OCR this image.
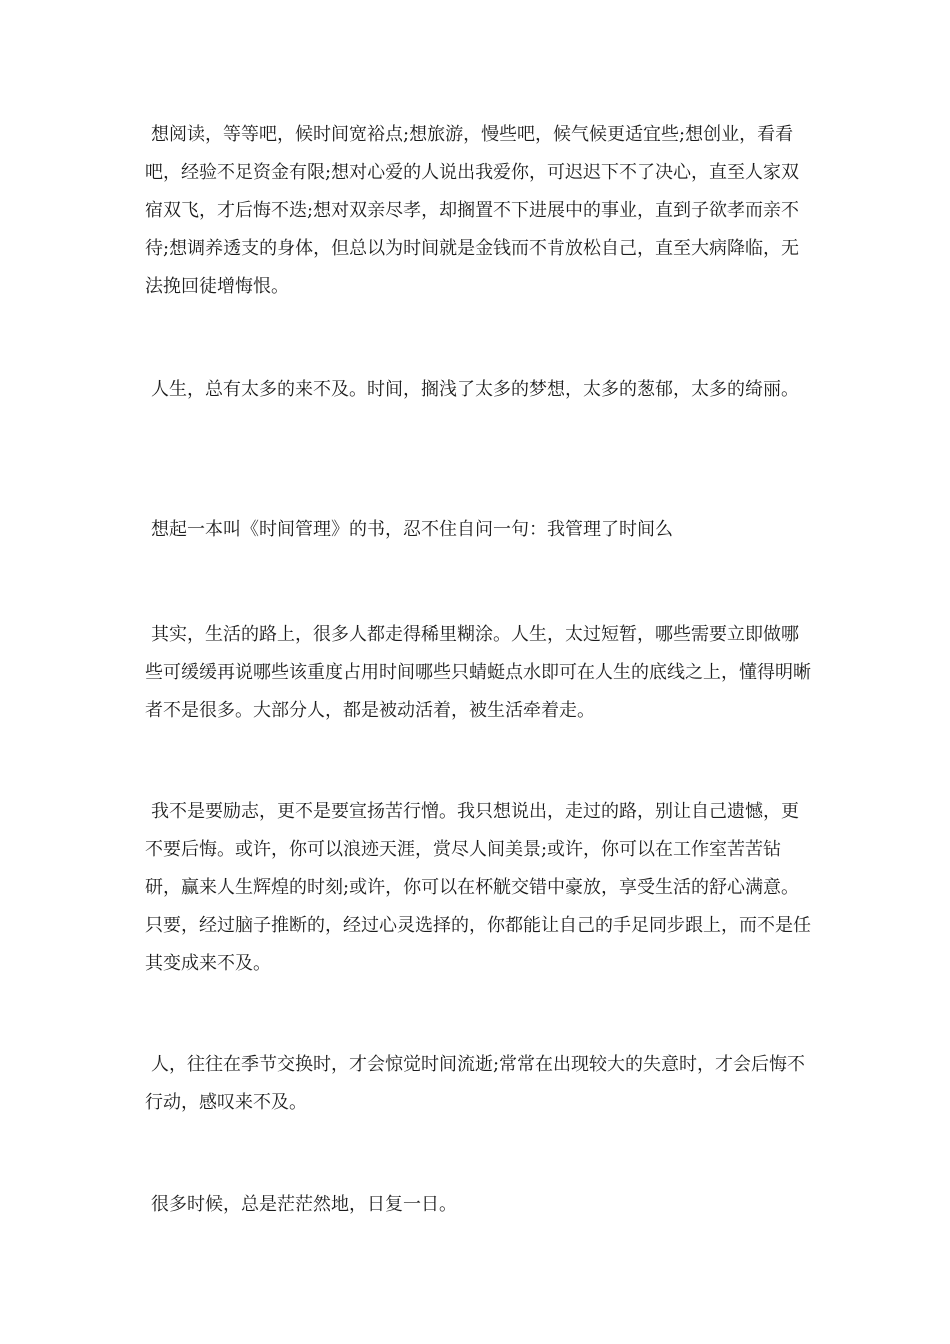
想阅读，等等吧，候时间宽裕点;想旅游，慢些吧，候气候更适宜些;想创业，看看吧，经验不足资金有限;想对心爱的人说出我爱你，可迟迟下不了决心，直至人家双宿双飞，才后悔不迭;想对双亲尽孝，却搁置不下进展中的事业，直到子欲孝而亲不待;想调养透支的身体，但总以为时间就是金钱而不肯放松自己，直至大病降临，无法挽回徒增悔恨。

人生，总有太多的来不及。时间，搁浅了太多的梦想，太多的葱郁，太多的绮丽。

想起一本叫《时间管理》的书，忍不住自问一句：我管理了时间么

其实，生活的路上，很多人都走得稀里糊涂。人生，太过短暂，哪些需要立即做哪些可缓缓再说哪些该重度占用时间哪些只蜻蜓点水即可在人生的底线之上，懂得明晰者不是很多。大部分人，都是被动活着，被生活牵着走。

我不是要励志，更不是要宣扬苦行憎。我只想说出，走过的路，别让自己遗憾，更不要后悔。或许，你可以浪迹天涯，赏尽人间美景;或许，你可以在工作室苦苦钻研，赢来人生辉煌的时刻;或许，你可以在杯觥交错中豪放，享受生活的舒心满意。只要，经过脑子推断的，经过心灵选择的，你都能让自己的手足同步跟上，而不是任其变成来不及。

人，往往在季节交换时，才会惊觉时间流逝;常常在出现较大的失意时，才会后悔不行动，感叹来不及。

很多时候，总是茫茫然地，日复一日。
